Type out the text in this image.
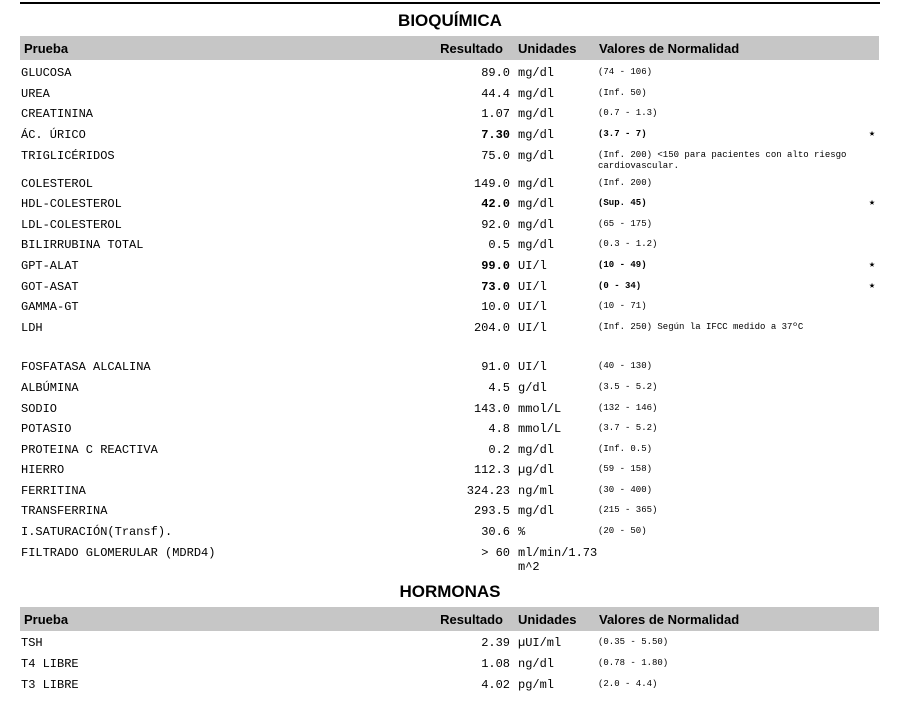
BIOQUÍMICA
Prueba	Resultado Unidades Valores de Normalidad
GLUCOSA	89.0 mg/dl	(74 - 106)
UREA	44.4 mg/dl	(Inf. 50)
CREATININA	1.07 mg/dl	(0.7 - 1.3)
ÁC. ÚRICO	7.30 mg/dl	(3.7 - 7)	★
TRIGLICÉRIDOS	75.0 mg/dl	(Inf. 200) <150 para pacientes con alto riesgo cardiovascular.
COLESTEROL	149.0 mg/dl	(Inf. 200)
HDL-COLESTEROL	42.0 mg/dl	(Sup. 45)	★
LDL-COLESTEROL	92.0 mg/dl	(65 - 175)
BILIRRUBINA TOTAL	0.5 mg/dl	(0.3 - 1.2)
GPT-ALAT	99.0 UI/l	(10 - 49)	★
GOT-ASAT	73.0 UI/l	(0 - 34)	★
GAMMA-GT	10.0 UI/l	(10 - 71)
LDH	204.0 UI/l	(Inf. 250) Según la IFCC medido a 37ºC
FOSFATASA ALCALINA	91.0 UI/l	(40 - 130)
ALBÚMINA	4.5 g/dl	(3.5 - 5.2)
SODIO	143.0 mmol/L	(132 - 146)
POTASIO	4.8 mmol/L	(3.7 - 5.2)
PROTEINA C REACTIVA	0.2 mg/dl	(Inf. 0.5)
HIERRO	112.3 µg/dl	(59 - 158)
FERRITINA	324.23 ng/ml	(30 - 400)
TRANSFERRINA	293.5 mg/dl	(215 - 365)
I.SATURACIÓN(Transf).	30.6 %	(20 - 50)
FILTRADO GLOMERULAR (MDRD4)	> 60 ml/min/1.73 m^2
HORMONAS
Prueba	Resultado Unidades Valores de Normalidad
TSH	2.39 µUI/ml	(0.35 - 5.50)
T4 LIBRE	1.08 ng/dl	(0.78 - 1.80)
T3 LIBRE	4.02 pg/ml	(2.0 - 4.4)
